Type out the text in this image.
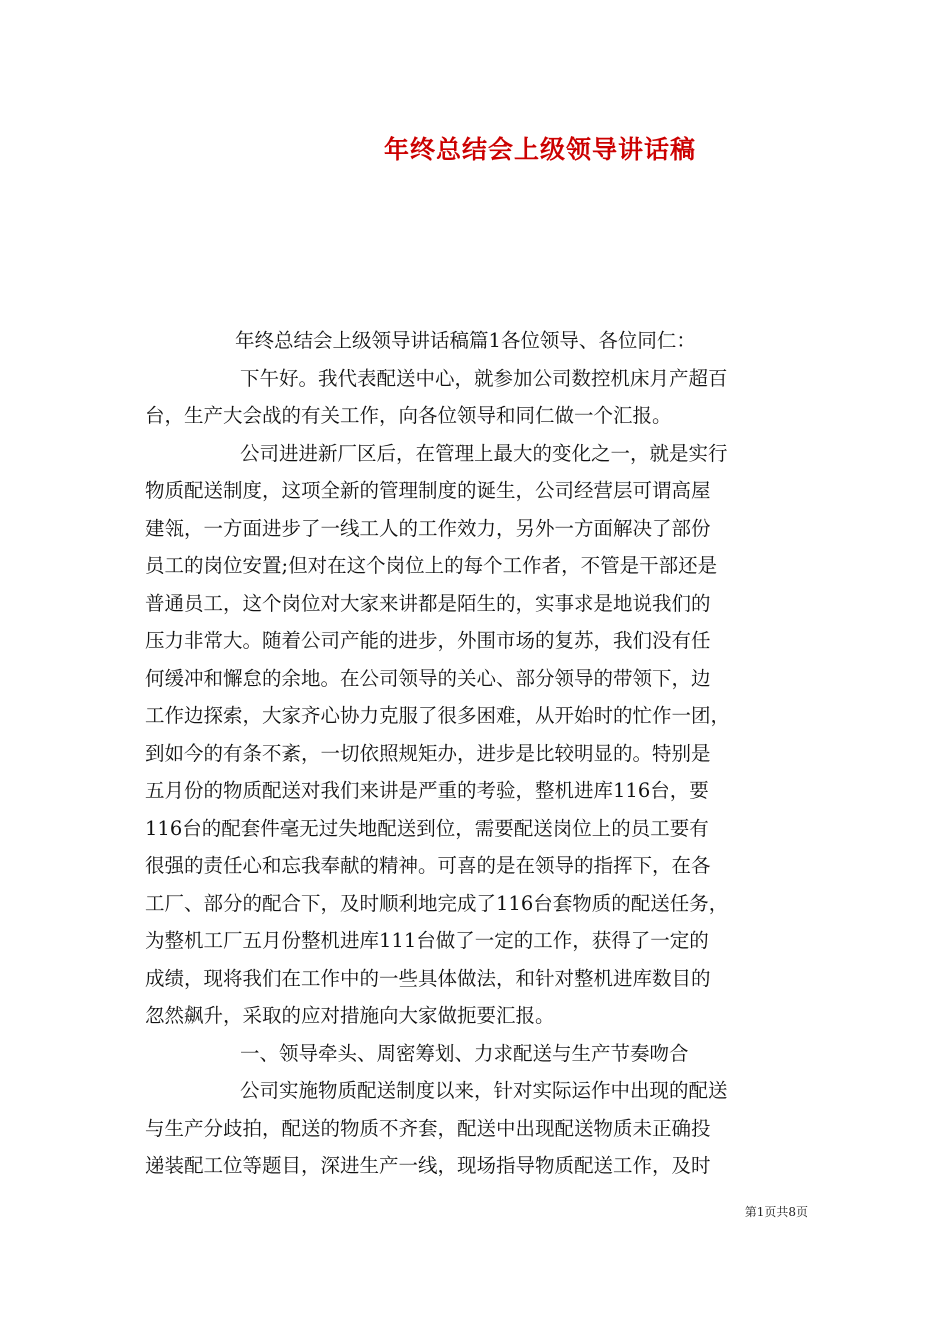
年终总结会上级领导讲话稿
年终总结会上级领导讲话稿篇1各位领导、各位同仁：
下午好。我代表配送中心，就参加公司数控机床月产超百
台，生产大会战的有关工作，向各位领导和同仁做一个汇报。
公司进进新厂区后，在管理上最大的变化之一，就是实行
物质配送制度，这项全新的管理制度的诞生，公司经营层可谓高屋
建瓴，一方面进步了一线工人的工作效力，另外一方面解决了部份
员工的岗位安置;但对在这个岗位上的每个工作者，不管是干部还是
普通员工，这个岗位对大家来讲都是陌生的，实事求是地说我们的
压力非常大。随着公司产能的进步，外围市场的复苏，我们没有任
何缓冲和懈怠的余地。在公司领导的关心、部分领导的带领下，边
工作边探索，大家齐心协力克服了很多困难，从开始时的忙作一团，
到如今的有条不紊，一切依照规矩办，进步是比较明显的。特别是
五月份的物质配送对我们来讲是严重的考验，整机进库116台，要
116台的配套件毫无过失地配送到位，需要配送岗位上的员工要有
很强的责任心和忘我奉献的精神。可喜的是在领导的指挥下，在各
工厂、部分的配合下，及时顺利地完成了116台套物质的配送任务，
为整机工厂五月份整机进库111台做了一定的工作，获得了一定的
成绩，现将我们在工作中的一些具体做法，和针对整机进库数目的
忽然飙升，采取的应对措施向大家做扼要汇报。
一、领导牵头、周密筹划、力求配送与生产节奏吻合
公司实施物质配送制度以来，针对实际运作中出现的配送
与生产分歧拍，配送的物质不齐套，配送中出现配送物质未正确投
递装配工位等题目，深进生产一线，现场指导物质配送工作，及时
第1页共8页
